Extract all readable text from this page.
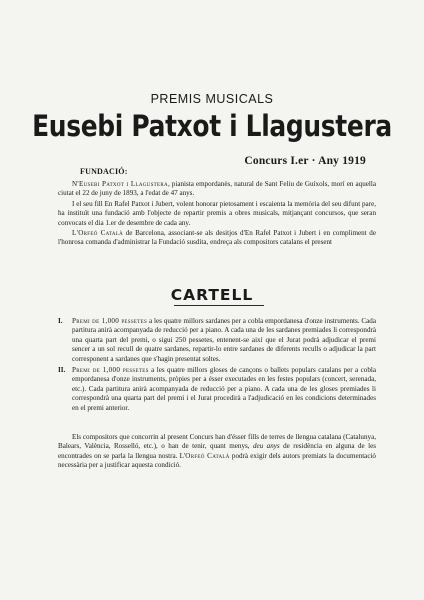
PREMIS MUSICALS
Eusebi Patxot i Llagustera
Concurs I.er · Any 1919
FUNDACIÓ:

N'Eusebi Patxot i Llagustera, pianista empordanès, natural de Sant Feliu de Guíxols, morí en aquella ciutat el 22 de juny de 1893, a l'edat de 47 anys.

I el seu fill En Rafel Patxot i Jubert, volent honorar pietosament i escaienta la memòria del seu difunt pare, ha instituït una fundació amb l'objecte de repartir premis a obres musicals, mitjançant concursos, que seran convocats el dia 1.er de desembre de cada any.

L'Orfeó Català de Barcelona, associant-se als desitjos d'En Rafel Patxot i Jubert i en compliment de l'honrosa comanda d'administrar la Fundació susdita, endreça als compositors catalans el present

CARTELL
I. Premi de 1,000 pessetes a les quatre millors sardanes per a cobla empordanesa d'onze instruments. Cada partitura anirà acompanyada de reducció per a piano. A cada una de les sardanes premiades li correspondrà una quarta part del premi, o sigui 250 pessetes, entenent-se així que el Jurat podrà adjudicar el premi sencer a un sol recull de quatre sardanes, repartir-lo entre sardanes de diferents reculls o adjudicar la part corresponent a sardanes que s'hagin presentat soltes.
II. Premi de 1,000 pessetes a les quatre millors gloses de cançons o ballets populars catalans per a cobla empordanesa d'onze instruments, pròpies per a ésser executades en les festes populars (concert, serenada, etc.). Cada partitura anirà acompanyada de reducció per a piano. A cada una de les gloses premiades li correspondrà una quarta part del premi i el Jurat procedirà a l'adjudicació en les condicions determinades en el premi anterior.

Els compositors que concorrin al present Concurs han d'ésser fills de terres de llengua catalana (Catalunya, Balears, València, Rosselló, etc.), o han de tenir, quant menys, deu anys de residència en alguna de les encontrades on se parla la llengua nostra. L'Orfeó Català podrà exigir dels autors premiats la documentació necessària per a justificar aquesta condició.
